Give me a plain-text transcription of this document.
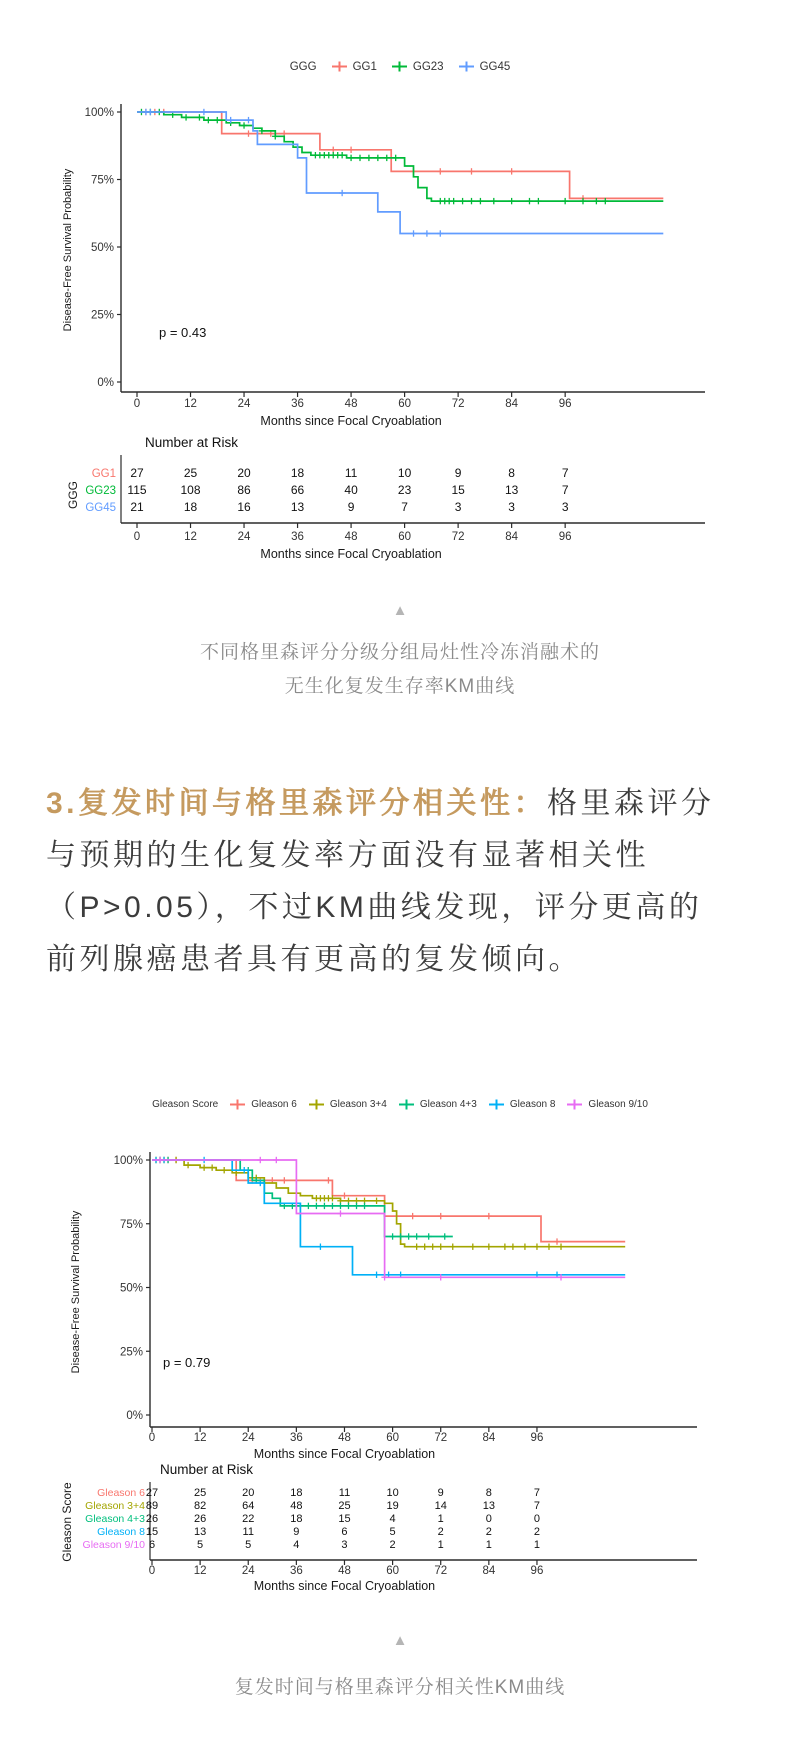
GGG	GG1	GG23	GG45
0%
25%
50%
75%
100%
0	12	24	36	48	60	72	84	96
Months since Focal Cryoablation
Disease-Free Survival Probability
p = 0.43
Number at Risk
GG1 27	25	20	18	11	10	9	8	7
GG23 115	108	86	66	40	23	15	13	7
GG45 21	18	16	13	9	7	3	3	3
0	12	24	36	48	60	72	84	96
Months since Focal Cryoablation
GGG
▲
不同格里森评分分级分组局灶性冷冻消融术的
无生化复发生存率KM曲线
3.复发时间与格里森评分相关性：格里森评分
与预期的生化复发率方面没有显著相关性
（P>0.05），不过KM曲线发现，评分更高的
前列腺癌患者具有更高的复发倾向。
Gleason Score	Gleason 6	Gleason 3+4	Gleason 4+3	Gleason 8	Gleason 9/10
0%
25%
50%
75%
100%
0	12	24	36	48	60	72	84	96
Months since Focal Cryoablation
Disease-Free Survival Probability	p = 0.79
Number at Risk
Gleason 6 27	25	20	18	11	10	9	8	7
Gleason 3+4 89	82	64	48	25	19	14	13	7
Gleason 4+3 26	26	22	18	15	4	1	0	0
Gleason 8 15	13	11	9	6	5	2	2	2
Gleason 9/10 6	5	5	4	3	2	1	1	1
0	12	24	36	48	60	72	84	96
Months since Focal Cryoablation
Gleason Score
▲
复发时间与格里森评分相关性KM曲线
